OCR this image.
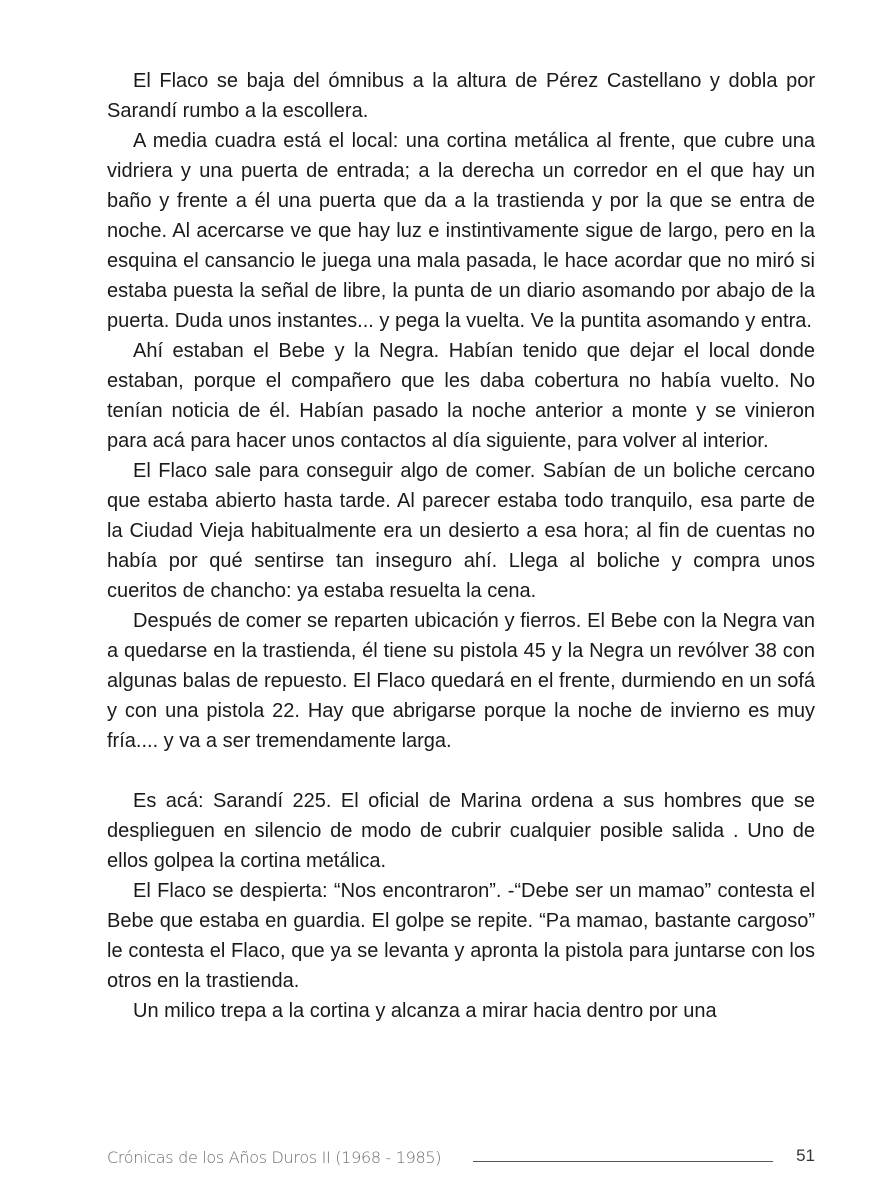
El Flaco se baja del ómnibus a la altura de Pérez Castellano y dobla por Sarandí rumbo a la escollera.

A media cuadra está el local: una cortina metálica al frente, que cubre una vidriera y una puerta de entrada; a la derecha un corredor en el que hay un baño y frente a él una puerta que da a la trastienda y por la que se entra de noche. Al acercarse ve que hay luz e instintivamente sigue de largo, pero en la esquina el cansancio le juega una mala pasada, le hace acordar que no miró si estaba puesta la señal de libre, la punta de un diario asomando por abajo de la puerta. Duda unos instantes... y pega la vuelta. Ve la puntita asomando y entra.

Ahí estaban el Bebe y la Negra. Habían tenido que dejar el local donde estaban, porque el compañero que les daba cobertura no había vuelto. No tenían noticia de él. Habían pasado la noche anterior a monte y se vinieron para acá para hacer unos contactos al día siguiente, para volver al interior.

El Flaco sale para conseguir algo de comer. Sabían de un boliche cercano que estaba abierto hasta tarde. Al parecer estaba todo tranquilo, esa parte de la Ciudad Vieja habitualmente era un desierto a esa hora; al fin de cuentas no había por qué sentirse tan inseguro ahí. Llega al boliche y compra unos cueritos de chancho: ya estaba resuelta la cena.

Después de comer se reparten ubicación y fierros. El Bebe con la Negra van a quedarse en la trastienda, él tiene su pistola 45 y la Negra un revólver 38 con algunas balas de repuesto. El Flaco quedará en el frente, durmiendo en un sofá y con una pistola 22. Hay que abrigarse porque la noche de invierno es muy fría.... y va a ser tremendamente larga.

Es acá: Sarandí 225. El oficial de Marina ordena a sus hombres que se desplieguen en silencio de modo de cubrir cualquier posible salida . Uno de ellos golpea la cortina metálica.

El Flaco se despierta: “Nos encontraron”. -“Debe ser un mamao” contesta el Bebe que estaba en guardia. El golpe se repite. “Pa mamao, bastante cargoso” le contesta el Flaco, que ya se levanta y apronta la pistola para juntarse con los otros en la trastienda.

Un milico trepa a la cortina y alcanza a mirar hacia dentro por una

Crónicas de los Años Duros II (1968 - 1985)	51
